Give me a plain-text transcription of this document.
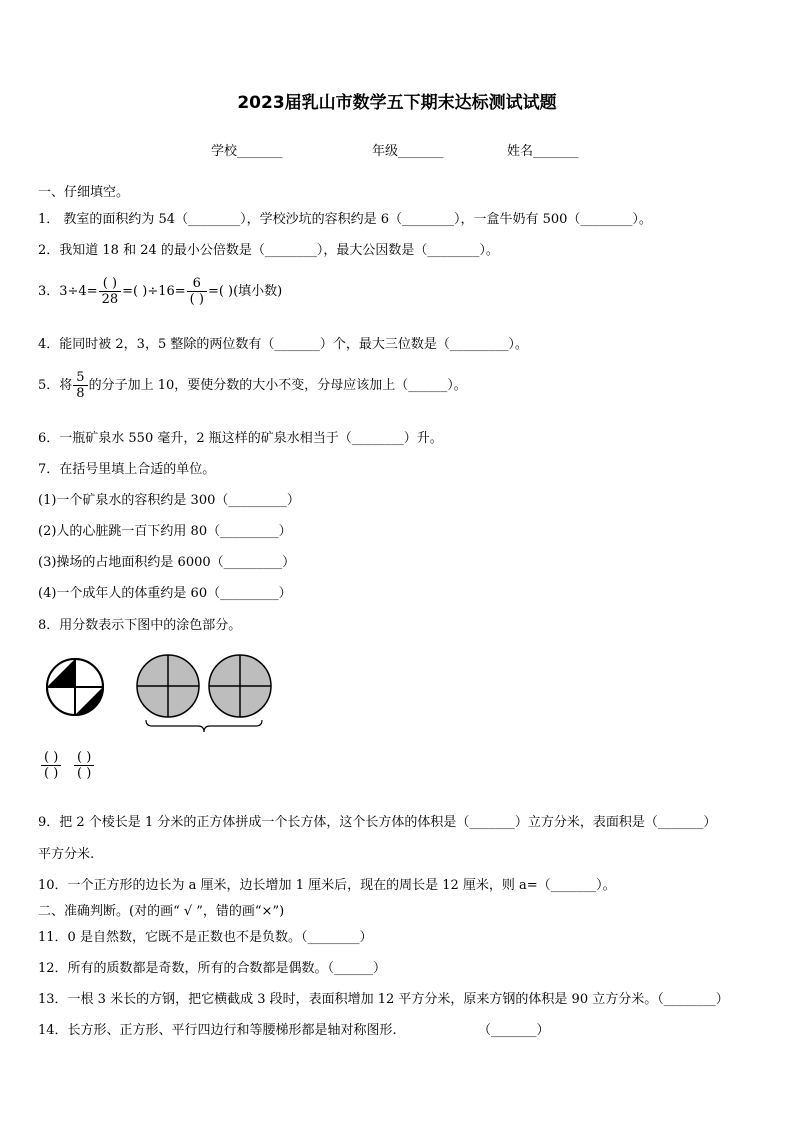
2023届乳山市数学五下期末达标测试试题
学校_______	年级_______	姓名_______
一、仔细填空。
1． 教室的面积约为 54（________），学校沙坑的容积约是 6（________），一盒牛奶有 500（________）。
2．我知道 18 和 24 的最小公倍数是（________），最大公因数是（________）。
3．$3\div 4= \frac{( )}{28}$ =( )$\div 16= \frac{6}{( )}$ =( )(填小数)
4．能同时被 2，3，5 整除的两位数有（_______）个，最大三位数是（_________）。
5．将 $\frac{5}{8}$ 的分子加上 10，要使分数的大小不变，分母应该加上（______）。
6．一瓶矿泉水 550 毫升，2 瓶这样的矿泉水相当于（________）升。
7．在括号里填上合适的单位。
(1)一个矿泉水的容积约是 300（_________）
(2)人的心脏跳一百下约用 80（_________）
(3)操场的占地面积约是 6000（_________）
(4)一个成年人的体重约是 60（_________）
8．用分数表示下图中的涂色部分。
$\frac{( )}{( )} \frac{( )}{( )}$
9．把 2 个棱长是 1 分米的正方体拼成一个长方体，这个长方体的体积是（_______）立方分米，表面积是（_______）
平方分米.
10．一个正方形的边长为 a 厘米，边长增加 1 厘米后，现在的周长是 12 厘米，则 a=（_______）。
二、准确判断。(对的画“ √ ”，错的画“×”)
11．0 是自然数，它既不是正数也不是负数。（________）
12．所有的质数都是奇数，所有的合数都是偶数。（______）
13．一根 3 米长的方钢，把它横截成 3 段时，表面积增加 12 平方分米，原来方钢的体积是 90 立方分米。（________）
14．长方形、正方形、平行四边行和等腰梯形都是轴对称图形.	（_______）
